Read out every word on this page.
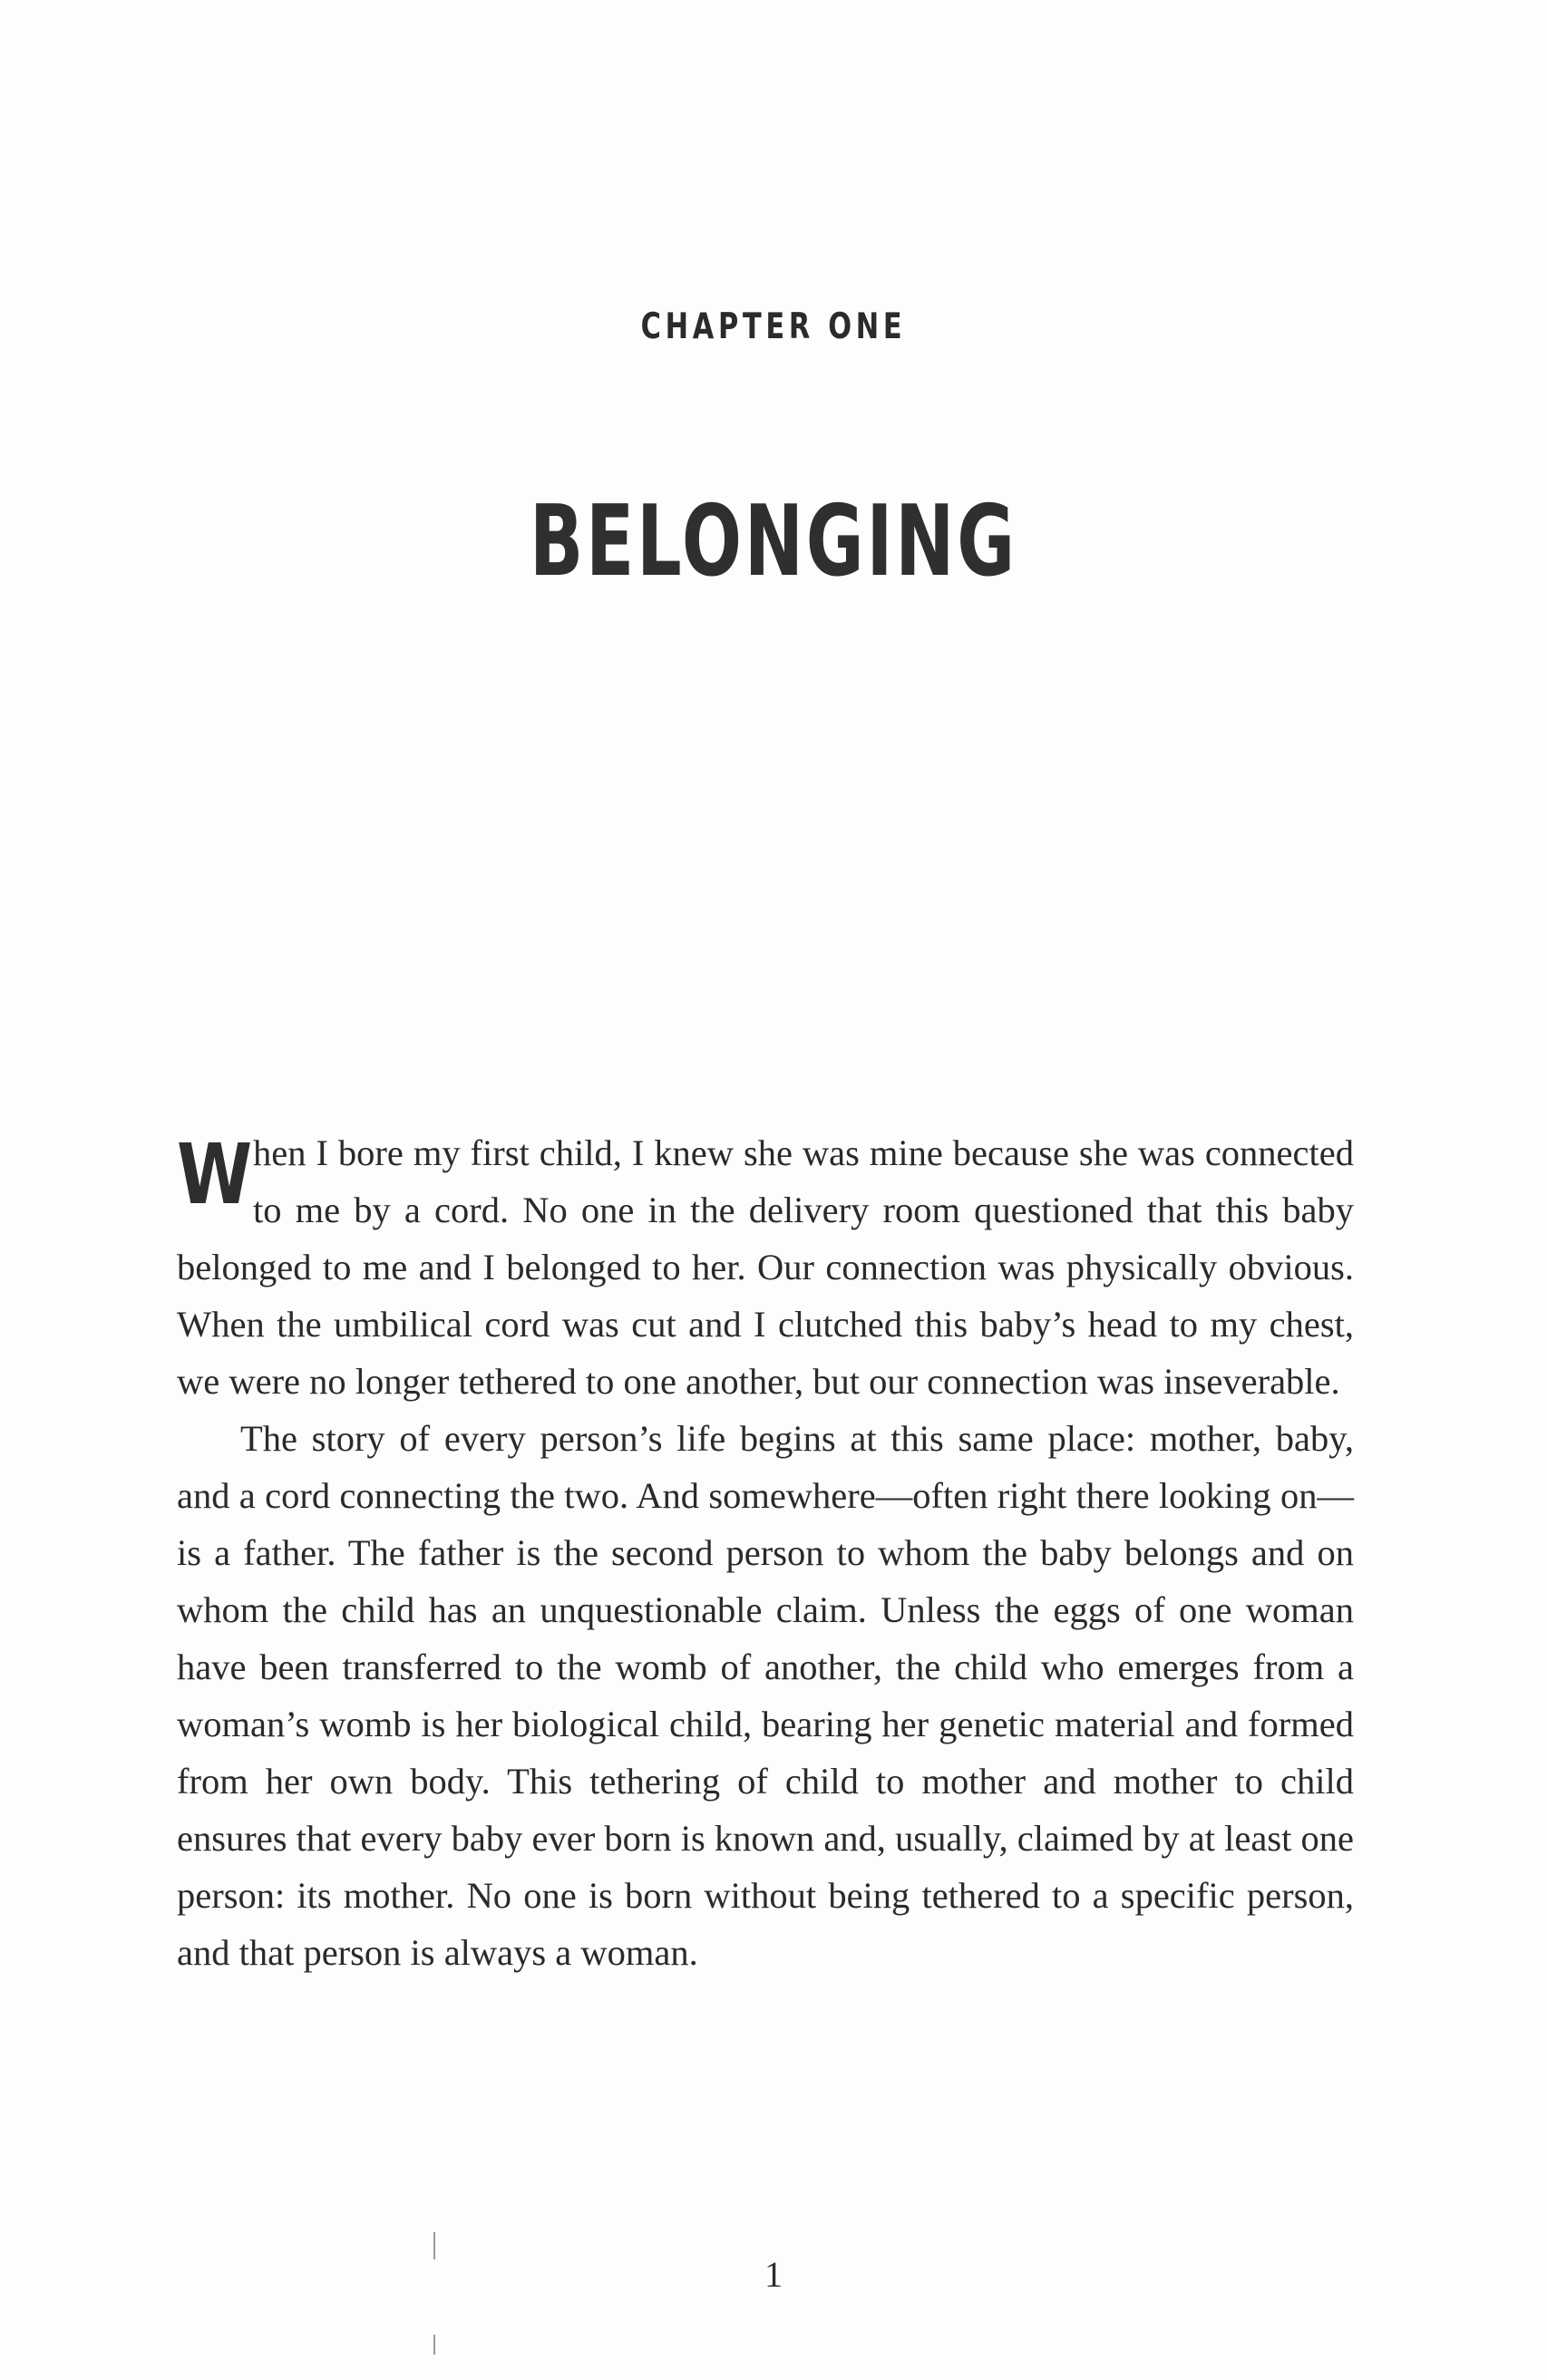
CHAPTER ONE
BELONGING

When I bore my first child, I knew she was mine because she was connected to me by a cord. No one in the delivery room questioned that this baby belonged to me and I belonged to her. Our connection was physically obvious. When the umbilical cord was cut and I clutched this baby’s head to my chest, we were no longer tethered to one another, but our connection was inseverable.

The story of every person’s life begins at this same place: mother, baby, and a cord connecting the two. And somewhere—often right there looking on—is a father. The father is the second person to whom the baby belongs and on whom the child has an unquestionable claim. Unless the eggs of one woman have been transferred to the womb of another, the child who emerges from a woman’s womb is her biological child, bearing her genetic material and formed from her own body. This tethering of child to mother and mother to child ensures that every baby ever born is known and, usually, claimed by at least one person: its mother. No one is born without being tethered to a specific person, and that person is always a woman.

1
